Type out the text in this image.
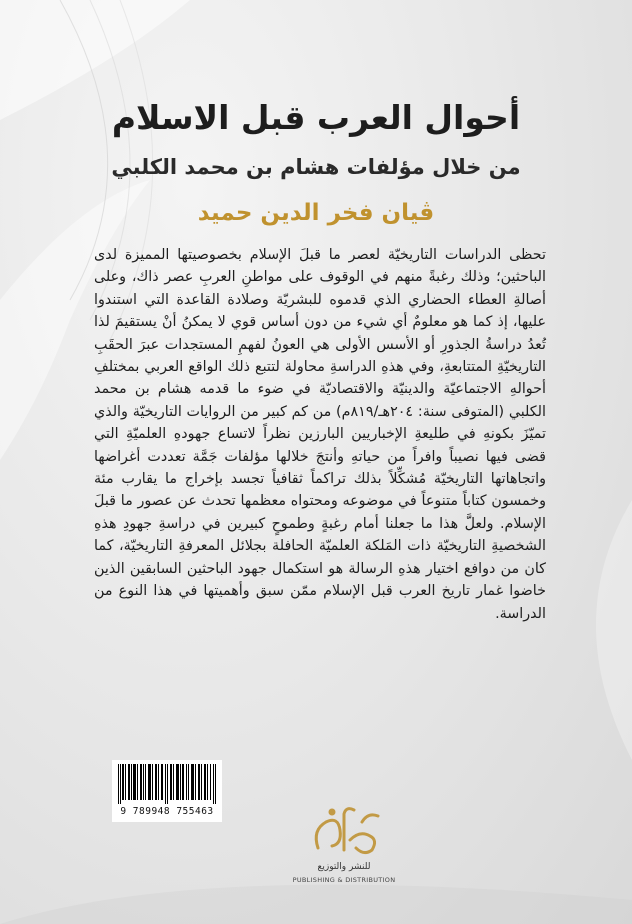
أحوال العرب قبل الاسلام
من خلال مؤلفات هشام بن محمد الكلبي
ڤيان فخر الدين حميد
تحظى الدراسات التاريخيّة لعصر ما قبلَ الإسلام بخصوصيتها المميزة لدى الباحثين؛ وذلك رغبةً منهم في الوقوف على مواطنِ العربِ عصر ذاك، وعلى أصالةِ العطاء الحضاري الذي قدموه للبشريّة وصلادة القاعدة التي استندوا عليها، إذ كما هو معلومٌ أي شيء من دون أساس قوي لا يمكنُ أنْ يستقيمَ لذا تُعدُ دراسةُ الجذورِ أو الأسس الأولى هي العونُ لفهمِ المستجدات عبرَ الحقَبِ التاريخيّةِ المتتابعةِ، وفي هذهِ الدراسةِ محاولة لتتبع ذلك الواقع العربي بمختلفِ أحوالهِ الاجتماعيّة والدينيّة والاقتصاديّة في ضوء ما قدمه هشام بن محمد الكلبي (المتوفى سنة: ٢٠٤هـ/٨١٩م) من كم كبير من الروايات التاريخيّة والذي تميّزَ بكونهِ في طليعةِ الإخباريين البارزين نظراً لاتساع جهودهِ العلميّةِ التي قضى فيها نصيباً وافراً من حياتهِ وأنتجَ خلالها مؤلفات جَمَّة تعددت أغراضها واتجاهاتها التاريخيّة مُشكِّلاً بذلك تراكماً ثقافياً تجسد بإخراج ما يقارب مئة وخمسون كتاباً متنوعاً في موضوعه ومحتواه معظمها تحدث عن عصور ما قبلَ الإسلام. ولعلَّ هذا ما جعلنا أمام رغبةٍ وطموحٍ كبيرين في دراسةِ جهودِ هذهِ الشخصيةِ التاريخيّة ذات المَلكة العلميّة الحافلة بجلائل المعرفةِ التاريخيّة، كما كان من دوافع اختيار هذهِ الرسالة هو استكمال جهود الباحثين السابقين الذين خاضوا غمار تاريخ العرب قبل الإسلام ممّن سبق وأهميتها في هذا النوع من الدراسة.
9 789948 755463
للنشر والتوزيع
PUBLISHING & DISTRIBUTION
